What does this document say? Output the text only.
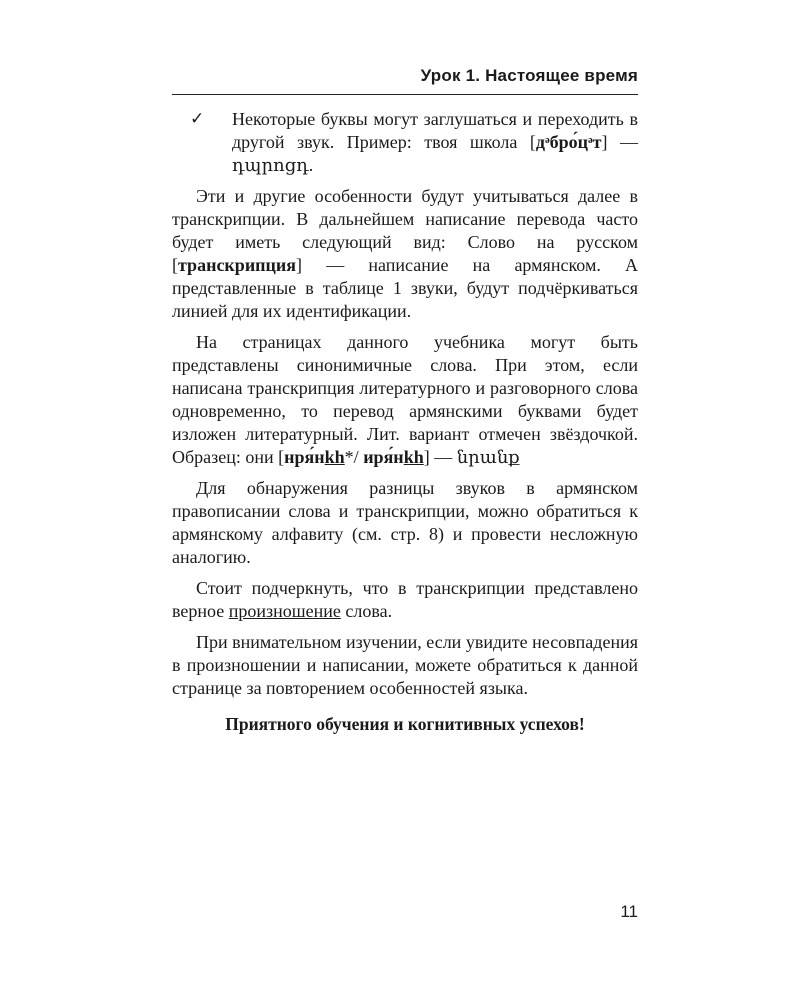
Урок 1. Настоящее время
✓ Некоторые буквы могут заглушаться и переходить в другой звук. Пример: твоя школа [дᵊбро́цᵊт] — դպրոցդ.

Эти и другие особенности будут учитываться далее в транскрипции. В дальнейшем написание перевода часто будет иметь следующий вид: Слово на русском [транскрипция] — написание на армянском. А представленные в таблице 1 звуки, будут подчёркиваться линией для их идентификации.

На страницах данного учебника могут быть представлены синонимичные слова. При этом, если написана транскрипция литературного и разговорного слова одновременно, то перевод армянскими буквами будет изложен литературный. Лит. вариант отмечен звёздочкой. Образец: они [нря́нkh*/ иря́нkh] — նրանք

Для обнаружения разницы звуков в армянском правописании слова и транскрипции, можно обратиться к армянскому алфавиту (см. стр. 8) и провести несложную аналогию.

Стоит подчеркнуть, что в транскрипции представлено верное произношение слова.

При внимательном изучении, если увидите несовпадения в произношении и написании, можете обратиться к данной странице за повторением особенностей языка.

Приятного обучения и когнитивных успехов!
11
